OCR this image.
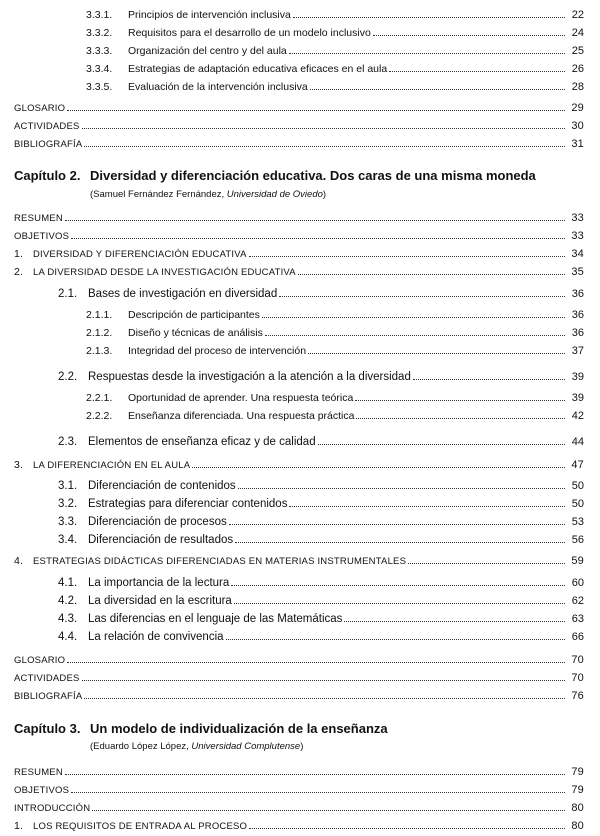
3.3.1.	Principios de intervención inclusiva	22
3.3.2.	Requisitos para el desarrollo de un modelo inclusivo	24
3.3.3.	Organización del centro y del aula	25
3.3.4.	Estrategias de adaptación educativa eficaces en el aula	26
3.3.5.	Evaluación de la intervención inclusiva	28
GLOSARIO	29
ACTIVIDADES	30
BIBLIOGRAFÍA	31
Capítulo 2. Diversidad y diferenciación educativa. Dos caras de una misma moneda
(Samuel Fernández Fernández, Universidad de Oviedo)
RESUMEN	33
OBJETIVOS	33
1.	DIVERSIDAD Y DIFERENCIACIÓN EDUCATIVA	34
2.	LA DIVERSIDAD DESDE LA INVESTIGACIÓN EDUCATIVA	35
2.1. Bases de investigación en diversidad	36
2.1.1.	Descripción de participantes	36
2.1.2.	Diseño y técnicas de análisis	36
2.1.3.	Integridad del proceso de intervención	37
2.2. Respuestas desde la investigación a la atención a la diversidad	39
2.2.1.	Oportunidad de aprender. Una respuesta teórica	39
2.2.2.	Enseñanza diferenciada. Una respuesta práctica	42
2.3. Elementos de enseñanza eficaz y de calidad	44
3.	LA DIFERENCIACIÓN EN EL AULA	47
3.1. Diferenciación de contenidos	50
3.2. Estrategias para diferenciar contenidos	50
3.3. Diferenciación de procesos	53
3.4. Diferenciación de resultados	56
4.	ESTRATEGIAS DIDÁCTICAS DIFERENCIADAS EN MATERIAS INSTRUMENTALES	59
4.1. La importancia de la lectura	60
4.2. La diversidad en la escritura	62
4.3. Las diferencias en el lenguaje de las Matemáticas	63
4.4. La relación de convivencia	66
GLOSARIO	70
ACTIVIDADES	70
BIBLIOGRAFÍA	76
Capítulo 3. Un modelo de individualización de la enseñanza
(Eduardo López López, Universidad Complutense)
RESUMEN	79
OBJETIVOS	79
INTRODUCCIÓN	80
1.	LOS REQUISITOS DE ENTRADA AL PROCESO	80
